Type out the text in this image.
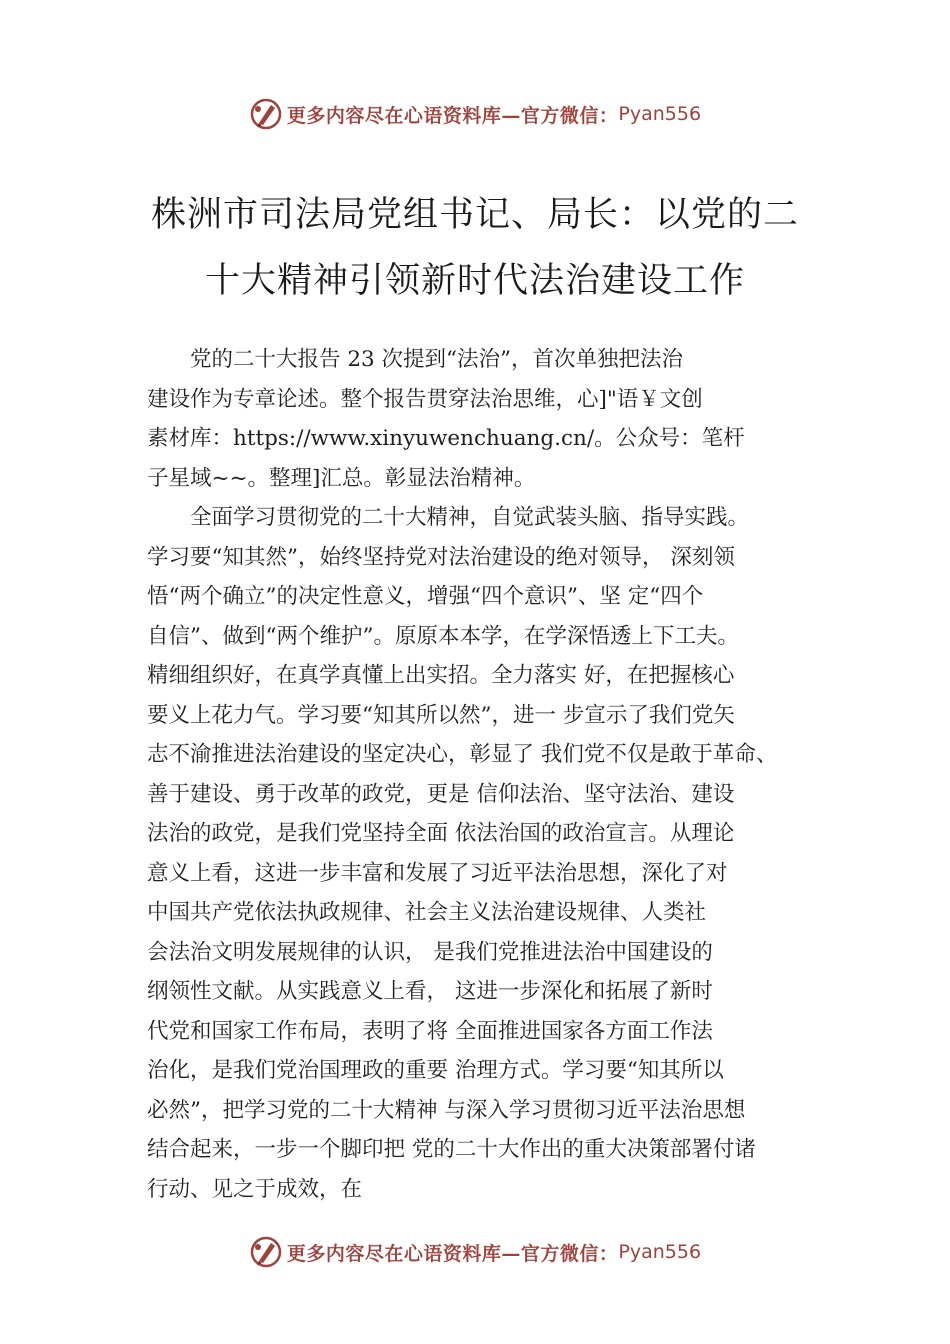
更多内容尽在心语资料库—官方微信： Pyan556
株洲市司法局党组书记、局长：以党的二
十大精神引领新时代法治建设工作
　　党的二十大报告 23 次提到“法治”，首次单独把法治
建设作为专章论述。整个报告贯穿法治思维，心]"语￥文创
素材库：https://www.xinyuwenchuang.cn/。公众号：笔杆
子星域~~。整理]汇总。彰显法治精神。
　　全面学习贯彻党的二十大精神，自觉武装头脑、指导实践。
学习要“知其然”，始终坚持党对法治建设的绝对领导， 深刻领
悟“两个确立”的决定性意义，增强“四个意识”、坚 定“四个
自信”、做到“两个维护”。原原本本学，在学深悟透上下工夫。
精细组织好，在真学真懂上出实招。全力落实 好，在把握核心
要义上花力气。学习要“知其所以然”，进一 步宣示了我们党矢
志不渝推进法治建设的坚定决心，彰显了 我们党不仅是敢于革命、
善于建设、勇于改革的政党，更是 信仰法治、坚守法治、建设
法治的政党，是我们党坚持全面 依法治国的政治宣言。从理论
意义上看，这进一步丰富和发展了习近平法治思想，深化了对
中国共产党依法执政规律、社会主义法治建设规律、人类社
会法治文明发展规律的认识， 是我们党推进法治中国建设的
纲领性文献。从实践意义上看， 这进一步深化和拓展了新时
代党和国家工作布局，表明了将 全面推进国家各方面工作法
治化，是我们党治国理政的重要 治理方式。学习要“知其所以
必然”，把学习党的二十大精神 与深入学习贯彻习近平法治思想
结合起来，一步一个脚印把 党的二十大作出的重大决策部署付诸
行动、见之于成效，在
更多内容尽在心语资料库—官方微信： Pyan556
